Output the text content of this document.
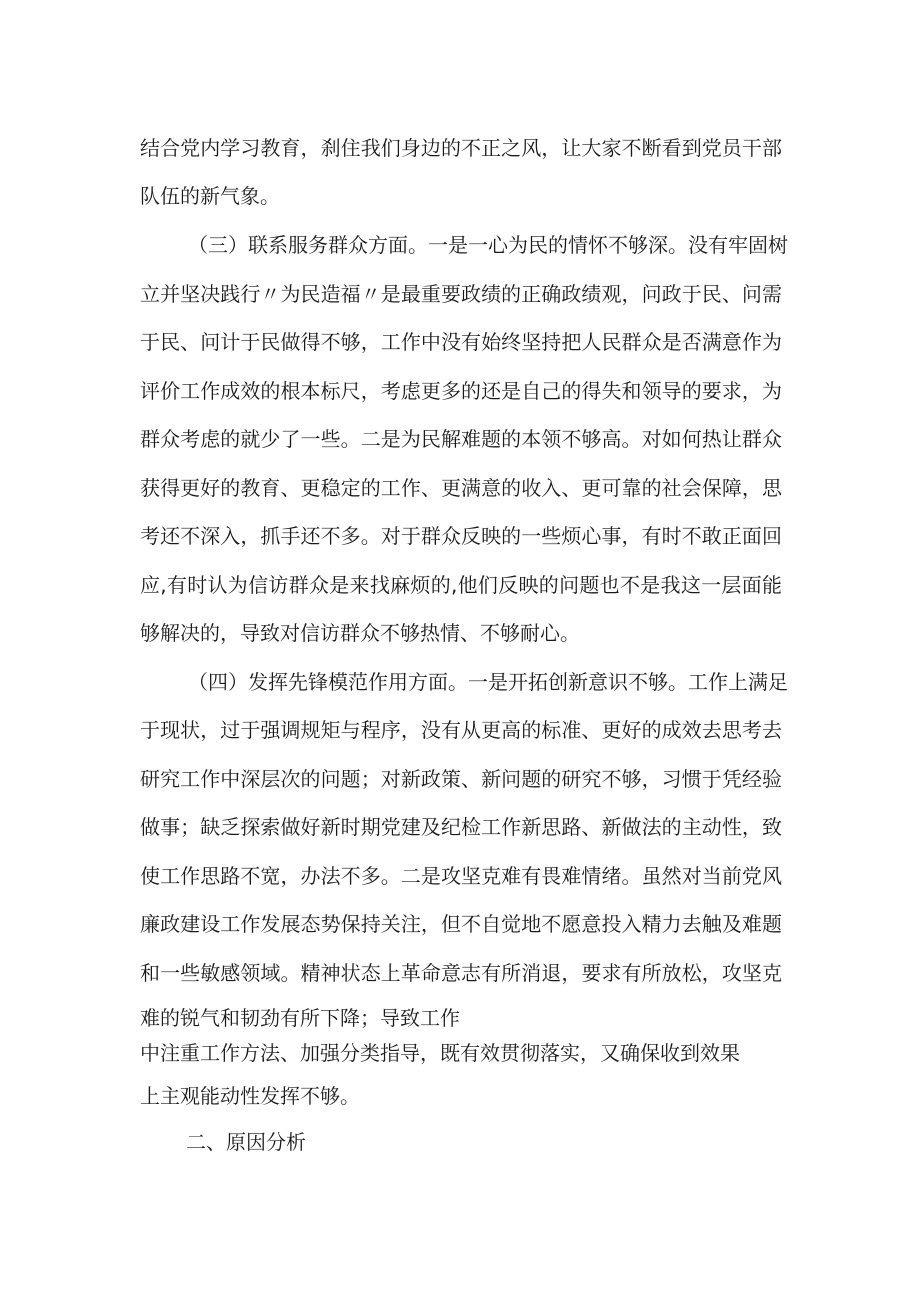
结合党内学习教育，刹住我们身边的不正之风，让大家不断看到党员干部
队伍的新气象。
（三）联系服务群众方面。一是一心为民的情怀不够深。没有牢固树
立并坚决践行〃为民造福〃是最重要政绩的正确政绩观，问政于民、问需
于民、问计于民做得不够，工作中没有始终坚持把人民群众是否满意作为
评价工作成效的根本标尺，考虑更多的还是自己的得失和领导的要求，为
群众考虑的就少了一些。二是为民解难题的本领不够高。对如何热让群众
获得更好的教育、更稳定的工作、更满意的收入、更可靠的社会保障，思
考还不深入，抓手还不多。对于群众反映的一些烦心事，有时不敢正面回
应,有时认为信访群众是来找麻烦的,他们反映的问题也不是我这一层面能
够解决的，导致对信访群众不够热情、不够耐心。
（四）发挥先锋模范作用方面。一是开拓创新意识不够。工作上满足
于现状，过于强调规矩与程序，没有从更高的标准、更好的成效去思考去
研究工作中深层次的问题；对新政策、新问题的研究不够，习惯于凭经验
做事；缺乏探索做好新时期党建及纪检工作新思路、新做法的主动性，致
使工作思路不宽，办法不多。二是攻坚克难有畏难情绪。虽然对当前党风
廉政建设工作发展态势保持关注，但不自觉地不愿意投入精力去触及难题
和一些敏感领域。精神状态上革命意志有所消退，要求有所放松，攻坚克
难的锐气和韧劲有所下降；导致工作
中注重工作方法、加强分类指导，既有效贯彻落实，又确保收到效果
上主观能动性发挥不够。
二、原因分析
